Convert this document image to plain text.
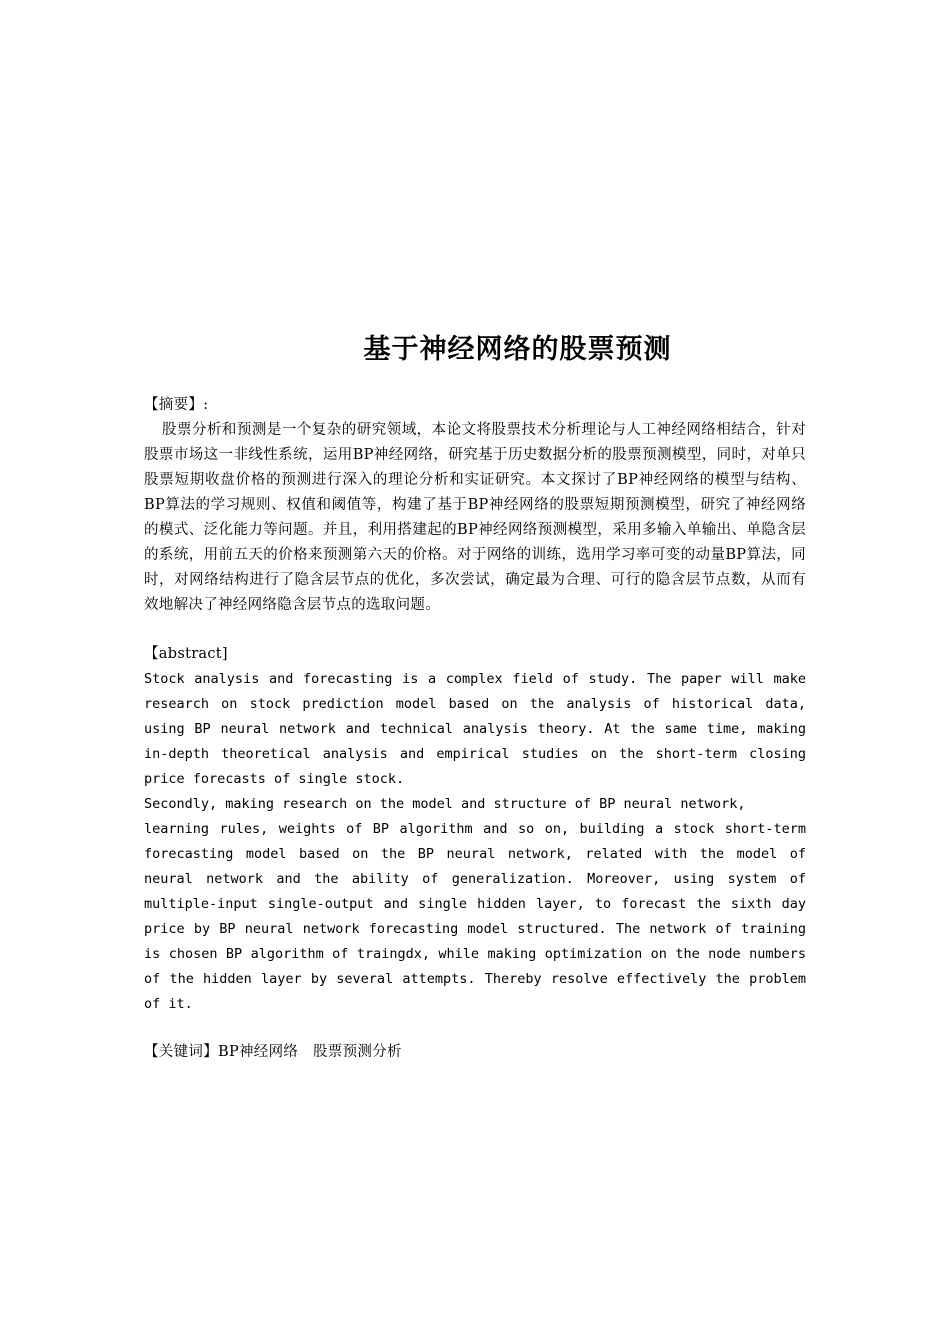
基于神经网络的股票预测
【摘要】:

股票分析和预测是一个复杂的研究领域，本论文将股票技术分析理论与人工神经网络相结合，针对股票市场这一非线性系统，运用BP神经网络，研究基于历史数据分析的股票预测模型，同时，对单只股票短期收盘价格的预测进行深入的理论分析和实证研究。本文探讨了BP神经网络的模型与结构、BP算法的学习规则、权值和阈值等，构建了基于BP神经网络的股票短期预测模型，研究了神经网络的模式、泛化能力等问题。并且，利用搭建起的BP神经网络预测模型，采用多输入单输出、单隐含层的系统，用前五天的价格来预测第六天的价格。对于网络的训练，选用学习率可变的动量BP算法，同时，对网络结构进行了隐含层节点的优化，多次尝试，确定最为合理、可行的隐含层节点数，从而有效地解决了神经网络隐含层节点的选取问题。

【abstract]

Stock analysis and forecasting is a complex field of study. The paper will make research on stock prediction model based on the analysis of historical data, using BP neural network and technical analysis theory. At the same time, making in-depth theoretical analysis and empirical studies on the short-term closing price forecasts of single stock.

Secondly, making research on the model and structure of BP neural network,

learning rules, weights of BP algorithm and so on, building a stock short-term forecasting model based on the BP neural network, related with the model of neural network and the ability of generalization. Moreover, using system of multiple-input single-output and single hidden layer, to forecast the sixth day price by BP neural network forecasting model structured. The network of training is chosen BP algorithm of traingdx, while making optimization on the node numbers of the hidden layer by several attempts. Thereby resolve effectively the problem of it.

【关键词】BP神经网络　股票预测分析
